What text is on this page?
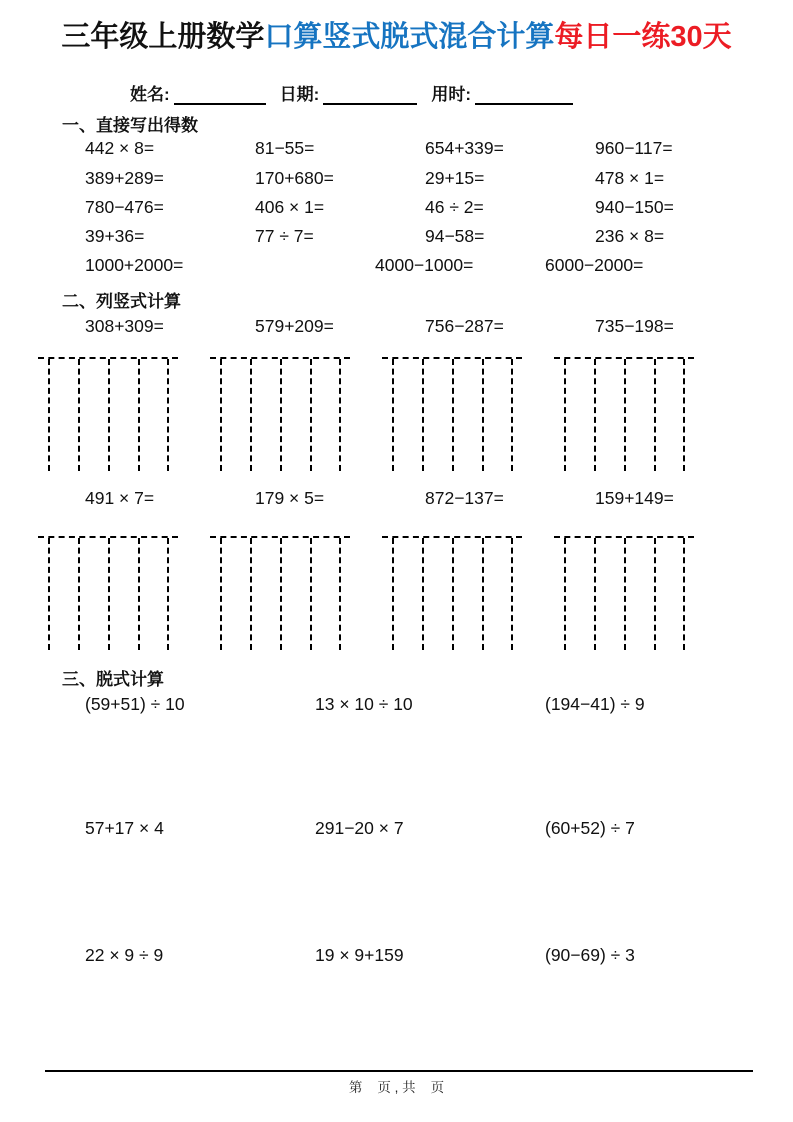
三年级上册数学口算竖式脱式混合计算每日一练30天
姓名:	日期:	用时:
一、直接写出得数
442 × 8=	81−55=	654+339=	960−117=
389+289=	170+680=	29+15=	478 × 1=
780−476=	406 × 1=	46 ÷ 2=	940−150=
39+36=	77 ÷ 7=	94−58=	236 × 8=
1000+2000=	4000−1000=	6000−2000=
二、列竖式计算
308+309=	579+209=	756−287=	735−198=
491 × 7=	179 × 5=	872−137=	159+149=
三、脱式计算
(59+51) ÷ 10	13 × 10 ÷ 10	(194−41) ÷ 9
57+17 × 4	291−20 × 7	(60+52) ÷ 7
22 × 9 ÷ 9	19 × 9+159	(90−69) ÷ 3
第    页 , 共    页
